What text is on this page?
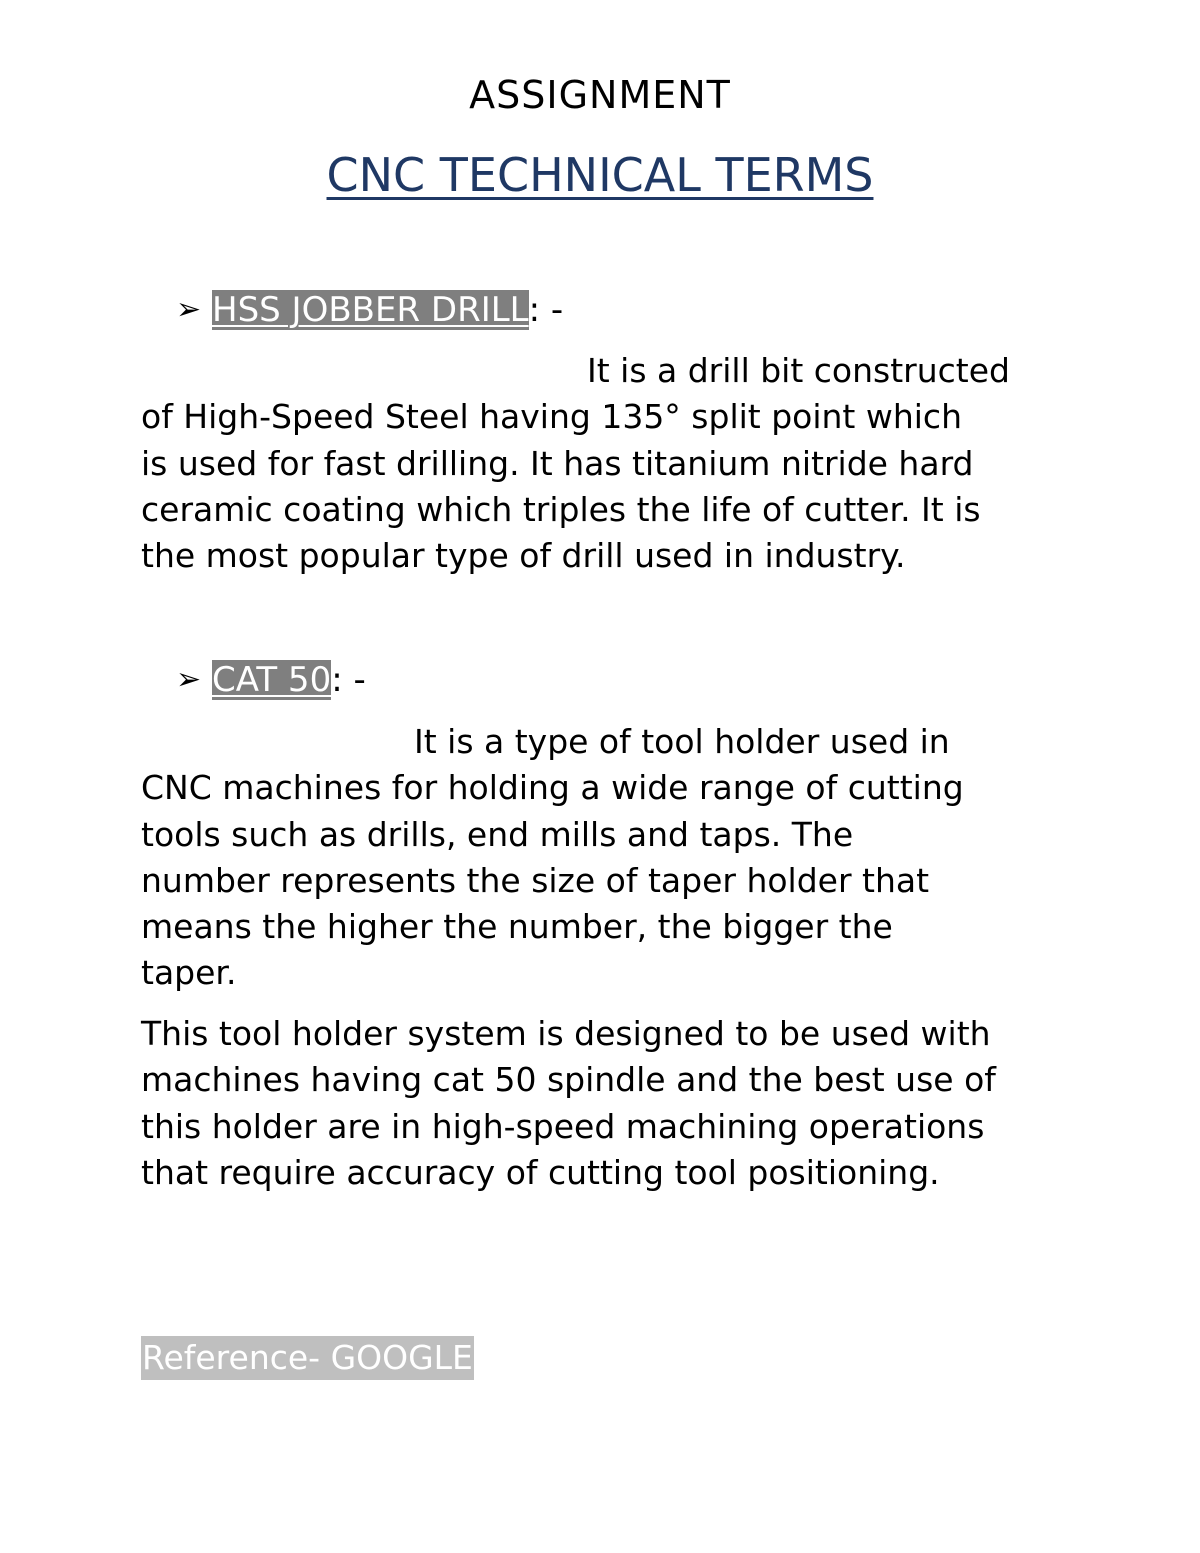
ASSIGNMENT
CNC TECHNICAL TERMS
➢ HSS JOBBER DRILL: -
It is a drill bit constructed
of High-Speed Steel having 135° split point which
is used for fast drilling. It has titanium nitride hard
ceramic coating which triples the life of cutter. It is
the most popular type of drill used in industry.
➢ CAT 50: -
It is a type of tool holder used in
CNC machines for holding a wide range of cutting
tools such as drills, end mills and taps. The
number represents the size of taper holder that
means the higher the number, the bigger the
taper.
This tool holder system is designed to be used with
machines having cat 50 spindle and the best use of
this holder are in high-speed machining operations
that require accuracy of cutting tool positioning.
Reference- GOOGLE
